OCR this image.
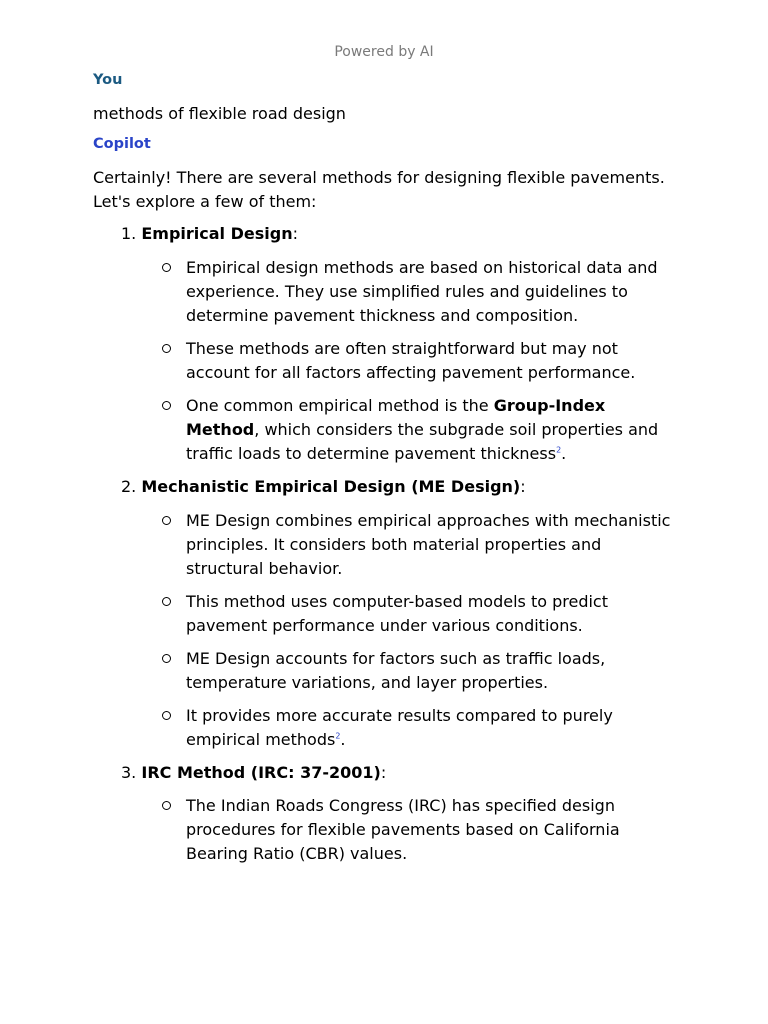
Powered by AI
You
methods of flexible road design
Copilot
Certainly! There are several methods for designing flexible pavements. Let's explore a few of them:
1. Empirical Design:
Empirical design methods are based on historical data and experience. They use simplified rules and guidelines to determine pavement thickness and composition.
These methods are often straightforward but may not account for all factors affecting pavement performance.
One common empirical method is the Group-Index Method, which considers the subgrade soil properties and traffic loads to determine pavement thickness$^2$.
2. Mechanistic Empirical Design (ME Design):
ME Design combines empirical approaches with mechanistic principles. It considers both material properties and structural behavior.
This method uses computer-based models to predict pavement performance under various conditions.
ME Design accounts for factors such as traffic loads, temperature variations, and layer properties.
It provides more accurate results compared to purely empirical methods$^2$.
3. IRC Method (IRC: 37-2001):
The Indian Roads Congress (IRC) has specified design procedures for flexible pavements based on California Bearing Ratio (CBR) values.
